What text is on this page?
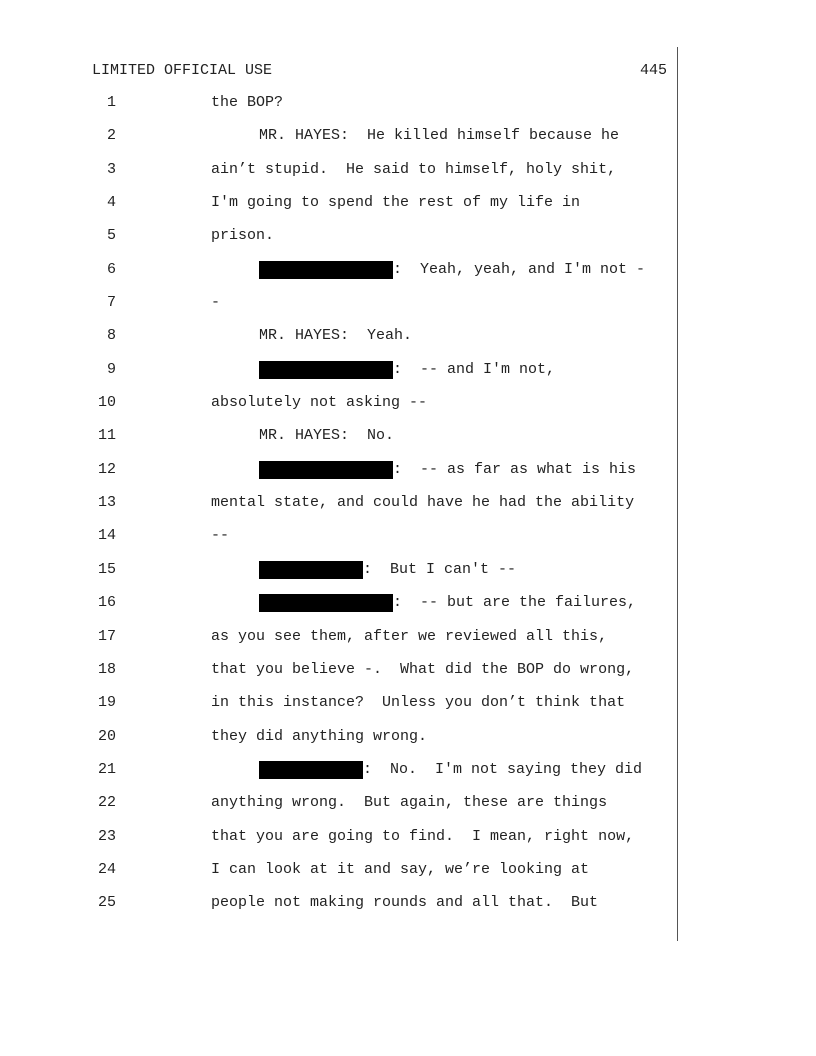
LIMITED OFFICIAL USE	445
1	the BOP?
2	MR. HAYES:  He killed himself because he
3	ain’t stupid.  He said to himself, holy shit,
4	I'm going to spend the rest of my life in
5	prison.
6	:  Yeah, yeah, and I'm not -
7	-
8	MR. HAYES:  Yeah.
9	:  -- and I'm not,
10	absolutely not asking --
11	MR. HAYES:  No.
12	:  -- as far as what is his
13	mental state, and could have he had the ability
14	--
15	:  But I can't --
16	:  -- but are the failures,
17	as you see them, after we reviewed all this,
18	that you believe -.  What did the BOP do wrong,
19	in this instance?  Unless you don’t think that
20	they did anything wrong.
21	:  No.  I'm not saying they did
22	anything wrong.  But again, these are things
23	that you are going to find.  I mean, right now,
24	I can look at it and say, we’re looking at
25	people not making rounds and all that.  But
